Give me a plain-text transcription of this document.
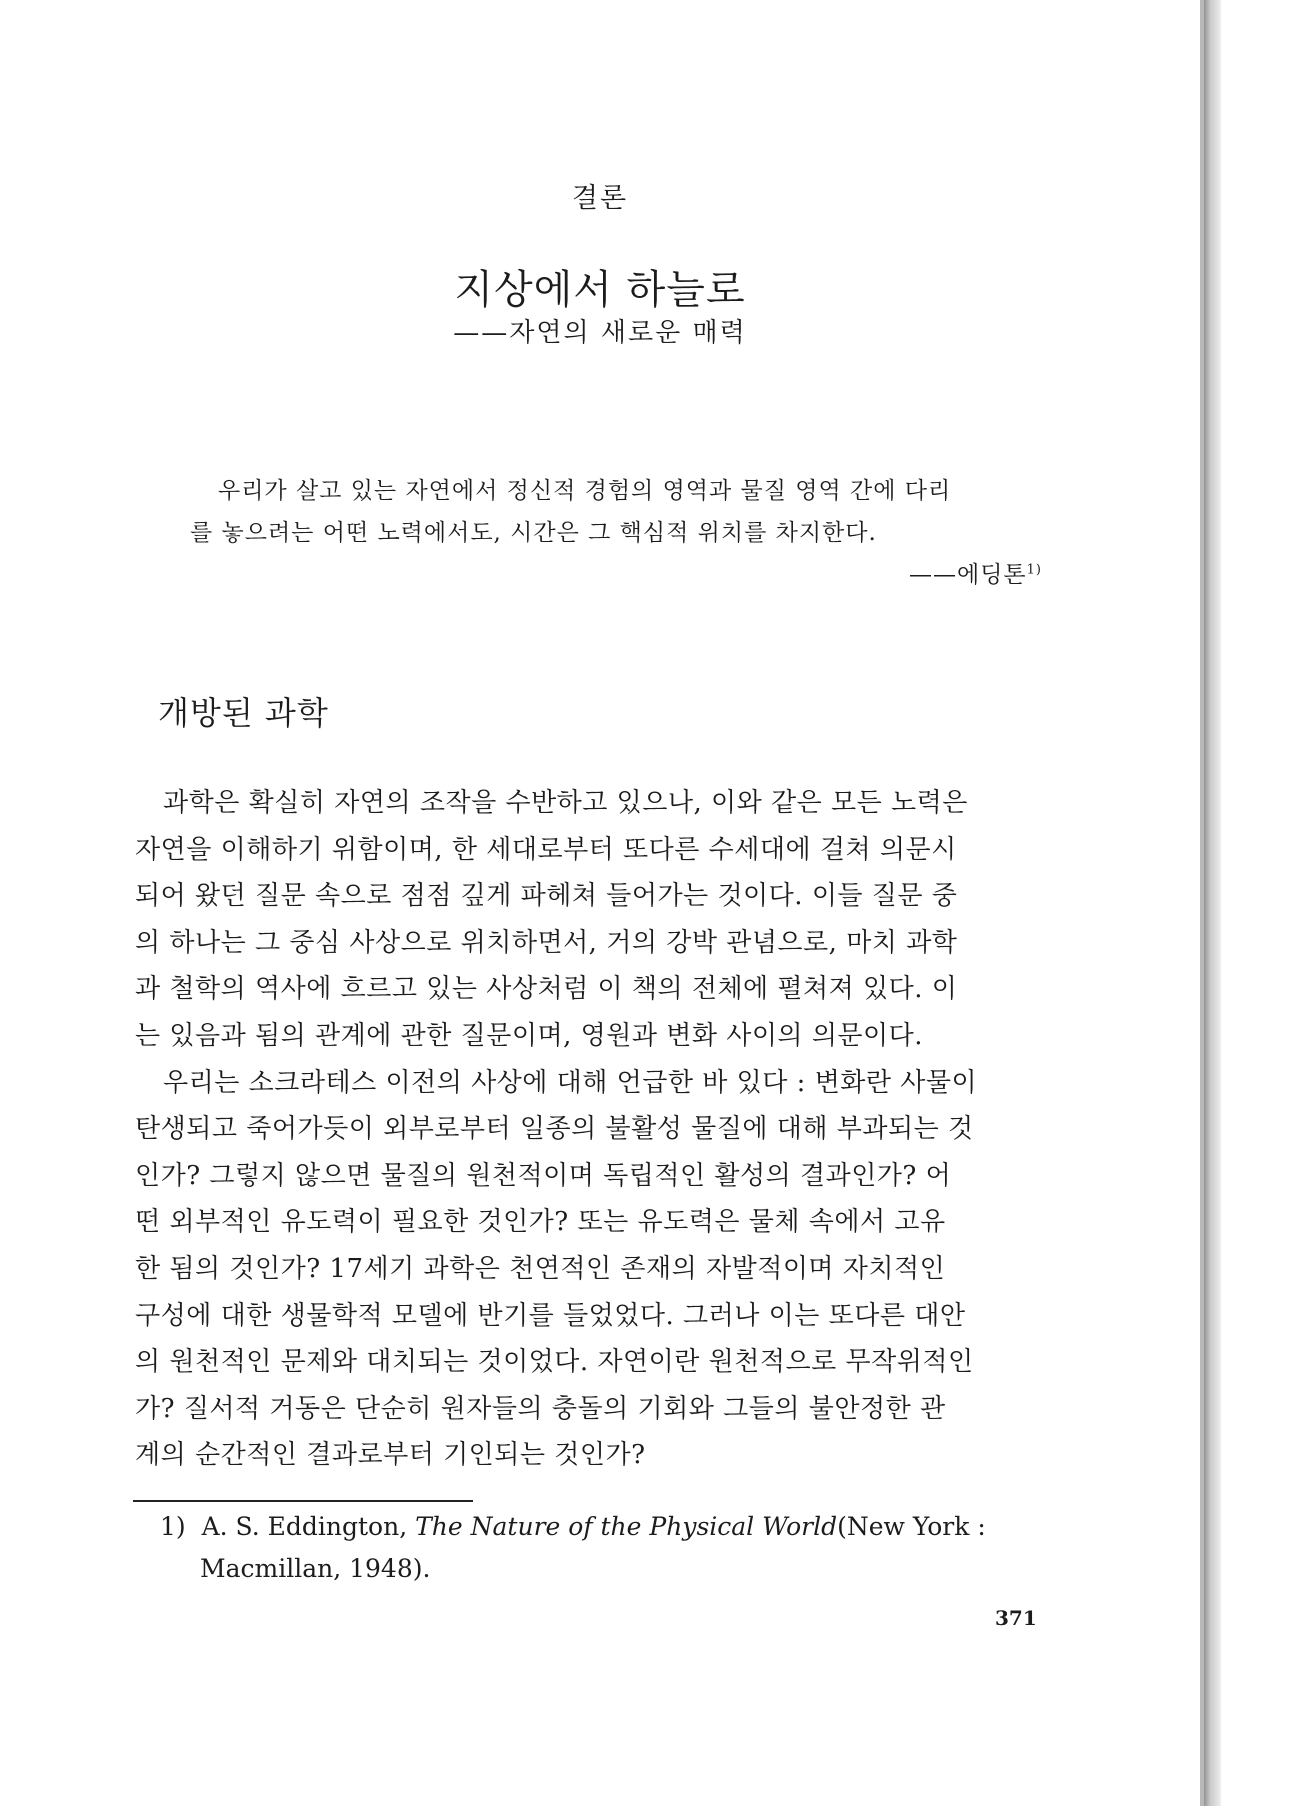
결론
지상에서 하늘로
——자연의 새로운 매력
우리가 살고 있는 자연에서 정신적 경험의 영역과 물질 영역 간에 다리
를 놓으려는 어떤 노력에서도, 시간은 그 핵심적 위치를 차지한다.
——에딩톤$^{1)}$
개방된 과학
과학은 확실히 자연의 조작을 수반하고 있으나, 이와 같은 모든 노력은
자연을 이해하기 위함이며, 한 세대로부터 또다른 수세대에 걸쳐 의문시
되어 왔던 질문 속으로 점점 깊게 파헤쳐 들어가는 것이다. 이들 질문 중
의 하나는 그 중심 사상으로 위치하면서, 거의 강박 관념으로, 마치 과학
과 철학의 역사에 흐르고 있는 사상처럼 이 책의 전체에 펼쳐져 있다. 이
는 있음과 됨의 관계에 관한 질문이며, 영원과 변화 사이의 의문이다.
우리는 소크라테스 이전의 사상에 대해 언급한 바 있다 : 변화란 사물이
탄생되고 죽어가듯이 외부로부터 일종의 불활성 물질에 대해 부과되는 것
인가? 그렇지 않으면 물질의 원천적이며 독립적인 활성의 결과인가? 어
떤 외부적인 유도력이 필요한 것인가? 또는 유도력은 물체 속에서 고유
한 됨의 것인가? 17세기 과학은 천연적인 존재의 자발적이며 자치적인
구성에 대한 생물학적 모델에 반기를 들었었다. 그러나 이는 또다른 대안
의 원천적인 문제와 대치되는 것이었다. 자연이란 원천적으로 무작위적인
가? 질서적 거동은 단순히 원자들의 충돌의 기회와 그들의 불안정한 관
계의 순간적인 결과로부터 기인되는 것인가?
1) A. S. Eddington, The Nature of the Physical World(New York :
Macmillan, 1948).
371
